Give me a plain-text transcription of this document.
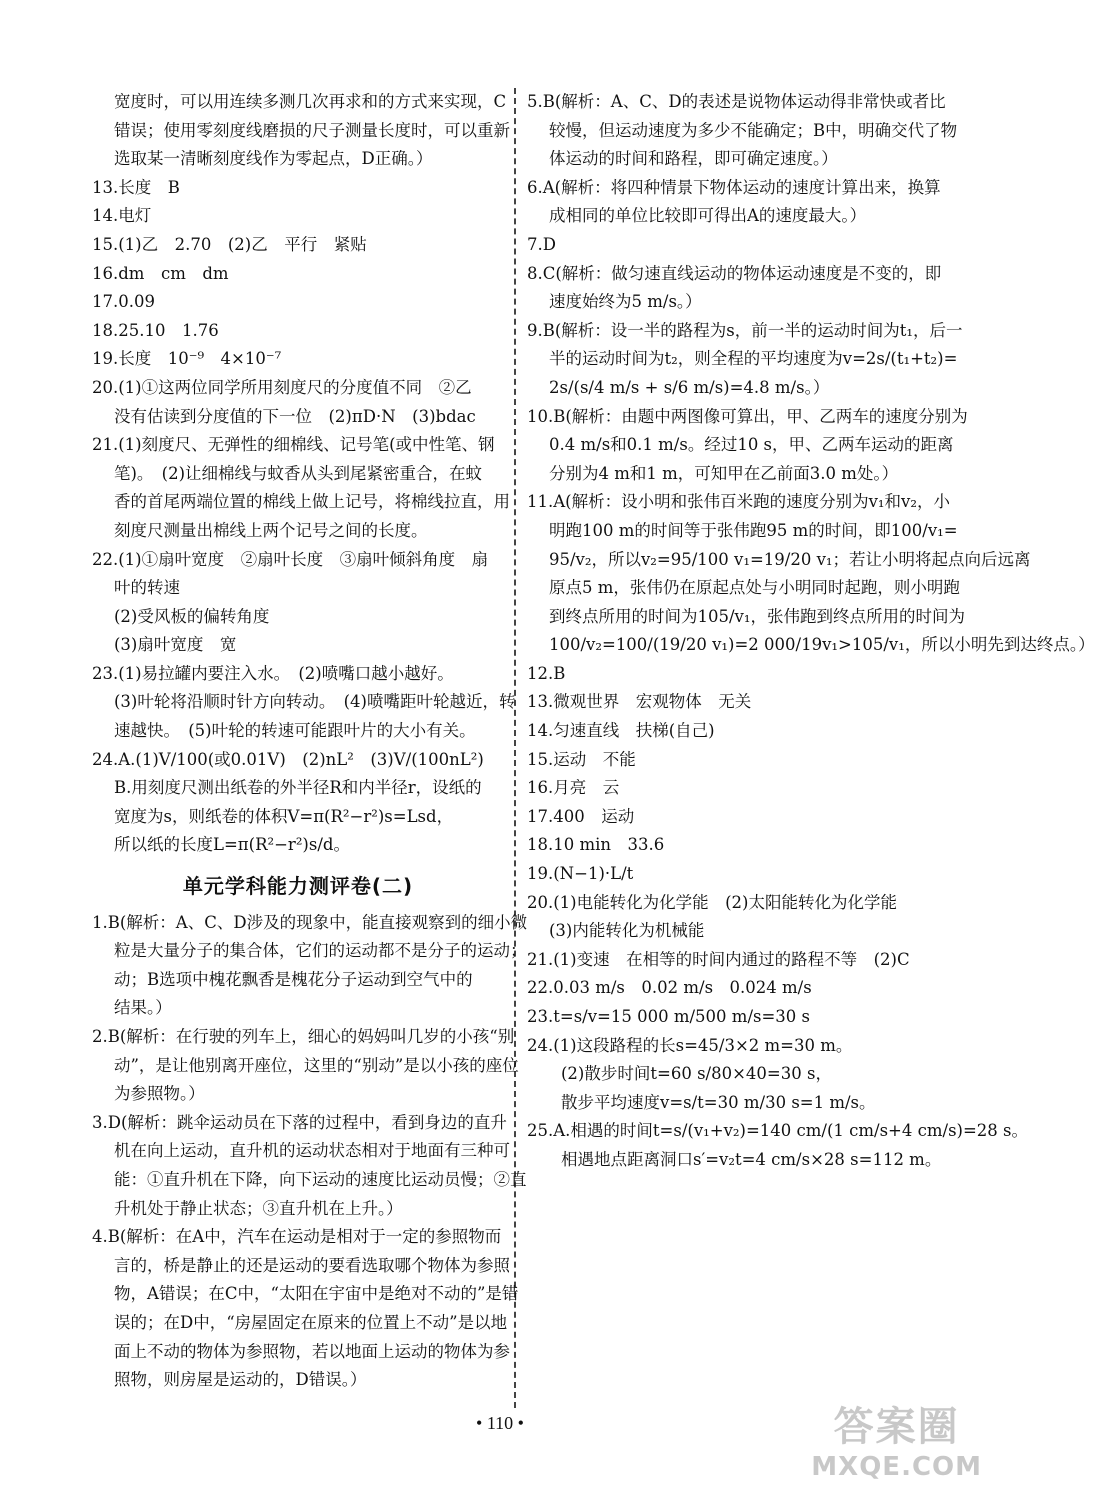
宽度时，可以用连续多测几次再求和的方式来实现，C
错误；使用零刻度线磨损的尺子测量长度时，可以重新
选取某一清晰刻度线作为零起点，D正确。）
13.长度　B
14.电灯
15.(1)乙　2.70　(2)乙　平行　紧贴
16.dm　cm　dm
17.0.09
18.25.10　1.76
19.长度　10⁻⁹　4×10⁻⁷
20.(1)①这两位同学所用刻度尺的分度值不同　②乙
没有估读到分度值的下一位　(2)πD·N　(3)bdac
21.(1)刻度尺、无弹性的细棉线、记号笔(或中性笔、钢
笔)。　(2)让细棉线与蚊香从头到尾紧密重合，在蚊
香的首尾两端位置的棉线上做上记号，将棉线拉直，用
刻度尺测量出棉线上两个记号之间的长度。
22.(1)①扇叶宽度　②扇叶长度　③扇叶倾斜角度　扇
叶的转速
(2)受风板的偏转角度
(3)扇叶宽度　宽
23.(1)易拉罐内要注入水。　(2)喷嘴口越小越好。
(3)叶轮将沿顺时针方向转动。　(4)喷嘴距叶轮越近，转
速越快。　(5)叶轮的转速可能跟叶片的大小有关。
24.A.(1)V/100(或0.01V)　(2)nL²　(3)V/(100nL²)
B.用刻度尺测出纸卷的外半径R和内半径r，设纸的
宽度为s，则纸卷的体积V=π(R²−r²)s=Lsd，
所以纸的长度L=π(R²−r²)s/d。
单元学科能力测评卷(二)
1.B(解析：A、C、D涉及的现象中，能直接观察到的细小微
粒是大量分子的集合体，它们的运动都不是分子的运动；
动；B选项中槐花飘香是槐花分子运动到空气中的
结果。）
2.B(解析：在行驶的列车上，细心的妈妈叫几岁的小孩“别
动”，是让他别离开座位，这里的“别动”是以小孩的座位
为参照物。）
3.D(解析：跳伞运动员在下落的过程中，看到身边的直升
机在向上运动，直升机的运动状态相对于地面有三种可
能：①直升机在下降，向下运动的速度比运动员慢；②直
升机处于静止状态；③直升机在上升。）
4.B(解析：在A中，汽车在运动是相对于一定的参照物而
言的，桥是静止的还是运动的要看选取哪个物体为参照
物，A错误；在C中，“太阳在宇宙中是绝对不动的”是错
误的；在D中，“房屋固定在原来的位置上不动”是以地
面上不动的物体为参照物，若以地面上运动的物体为参
照物，则房屋是运动的，D错误。）
5.B(解析：A、C、D的表述是说物体运动得非常快或者比
较慢，但运动速度为多少不能确定；B中，明确交代了物
体运动的时间和路程，即可确定速度。）
6.A(解析：将四种情景下物体运动的速度计算出来，换算
成相同的单位比较即可得出A的速度最大。）
7.D
8.C(解析：做匀速直线运动的物体运动速度是不变的，即
速度始终为5 m/s。）
9.B(解析：设一半的路程为s，前一半的运动时间为t₁，后一
半的运动时间为t₂，则全程的平均速度为v=2s/(t₁+t₂)=
2s/(s/4 m/s + s/6 m/s)=4.8 m/s。）
10.B(解析：由题中两图像可算出，甲、乙两车的速度分别为
0.4 m/s和0.1 m/s。经过10 s，甲、乙两车运动的距离
分别为4 m和1 m，可知甲在乙前面3.0 m处。）
11.A(解析：设小明和张伟百米跑的速度分别为v₁和v₂，小
明跑100 m的时间等于张伟跑95 m的时间，即100/v₁=
95/v₂，所以v₂=95/100 v₁=19/20 v₁；若让小明将起点向后远离
原点5 m，张伟仍在原起点处与小明同时起跑，则小明跑
到终点所用的时间为105/v₁，张伟跑到终点所用的时间为
100/v₂=100/(19/20 v₁)=2 000/19v₁>105/v₁，所以小明先到达终点。）
12.B
13.微观世界　宏观物体　无关
14.匀速直线　扶梯(自己)
15.运动　不能
16.月亮　云
17.400　运动
18.10 min　33.6
19.(N−1)·L/t
20.(1)电能转化为化学能　(2)太阳能转化为化学能
(3)内能转化为机械能
21.(1)变速　在相等的时间内通过的路程不等　(2)C
22.0.03 m/s　0.02 m/s　0.024 m/s
23.t=s/v=15 000 m/500 m/s=30 s
24.(1)这段路程的长s=45/3×2 m=30 m。
(2)散步时间t=60 s/80×40=30 s，
散步平均速度v=s/t=30 m/30 s=1 m/s。
25.A.相遇的时间t=s/(v₁+v₂)=140 cm/(1 cm/s+4 cm/s)=28 s。
相遇地点距离洞口s′=v₂t=4 cm/s×28 s=112 m。
• 110 •	答案圈
MXQE.COM
